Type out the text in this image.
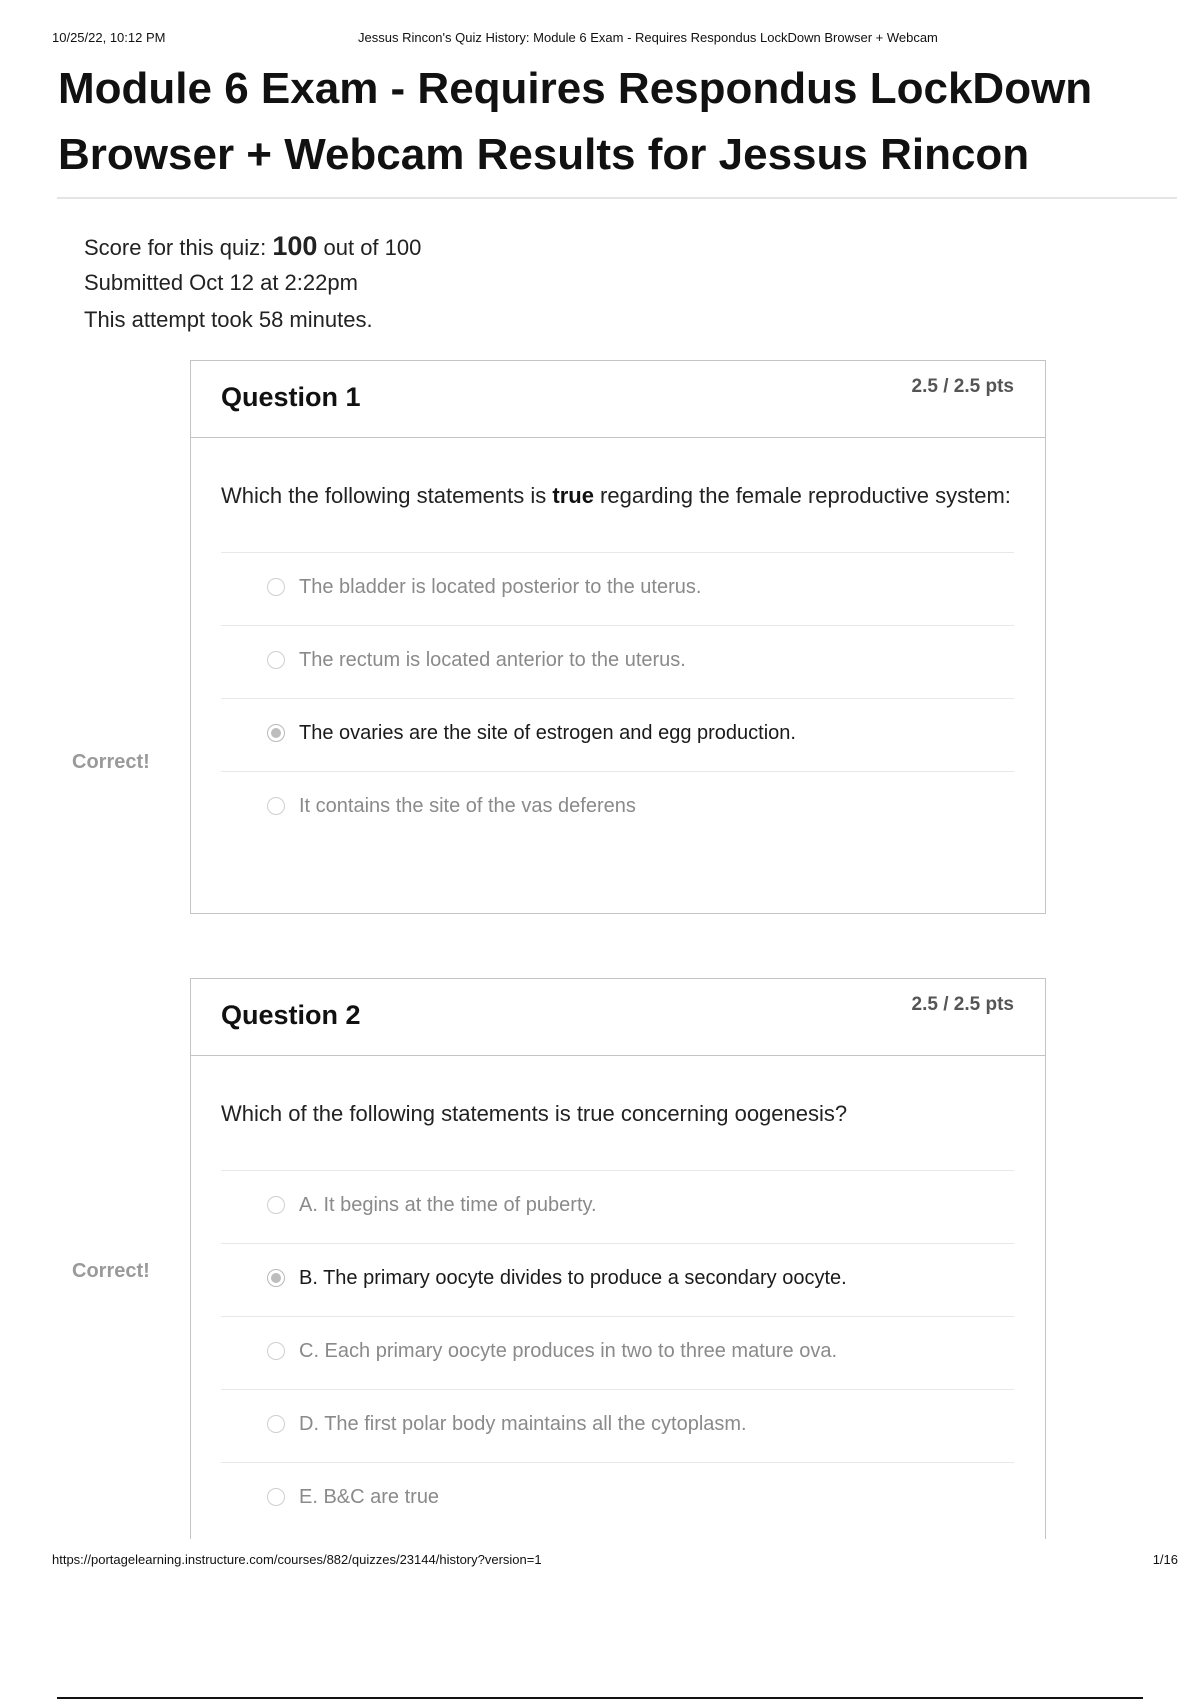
10/25/22, 10:12 PM	Jessus Rincon's Quiz History: Module 6 Exam - Requires Respondus LockDown Browser + Webcam
Module 6 Exam - Requires Respondus LockDown Browser + Webcam Results for Jessus Rincon
Score for this quiz: 100 out of 100
Submitted Oct 12 at 2:22pm
This attempt took 58 minutes.
Correct!
Question 1	2.5 / 2.5 pts

Which the following statements is true regarding the female reproductive system:

The bladder is located posterior to the uterus.
The rectum is located anterior to the uterus.
The ovaries are the site of estrogen and egg production.
It contains the site of the vas deferens
Correct!
Question 2	2.5 / 2.5 pts

Which of the following statements is true concerning oogenesis?

A. It begins at the time of puberty.
B. The primary oocyte divides to produce a secondary oocyte.
C. Each primary oocyte produces in two to three mature ova.
D. The first polar body maintains all the cytoplasm.
E. B&C are true
https://portagelearning.instructure.com/courses/882/quizzes/23144/history?version=1	1/16
